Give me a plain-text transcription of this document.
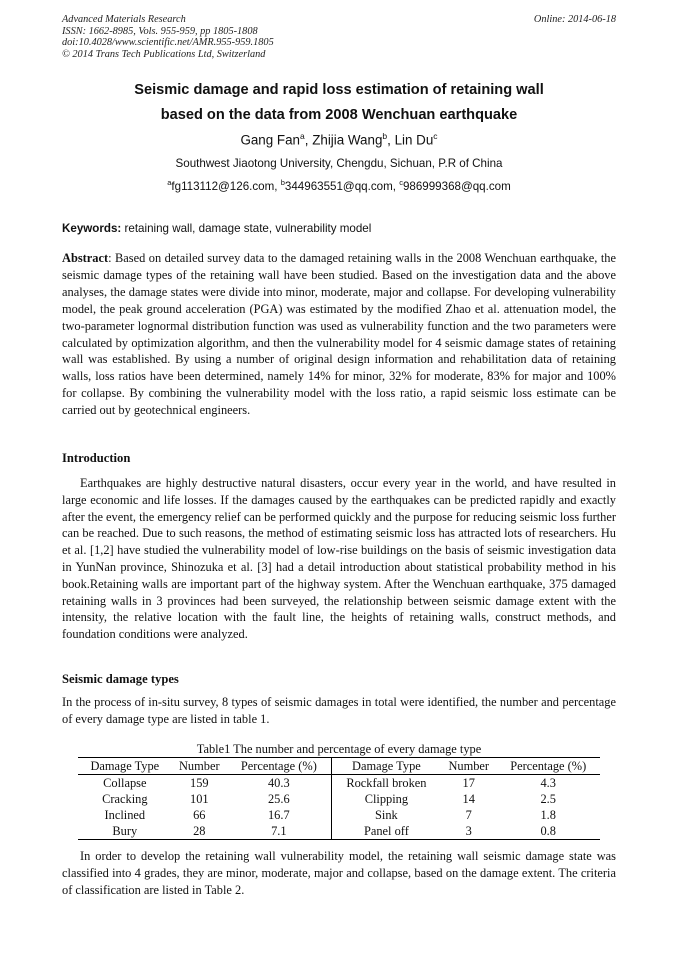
Advanced Materials Research
ISSN: 1662-8985, Vols. 955-959, pp 1805-1808
doi:10.4028/www.scientific.net/AMR.955-959.1805
© 2014 Trans Tech Publications Ltd, Switzerland
Online: 2014-06-18
Seismic damage and rapid loss estimation of retaining wall
based on the data from 2008 Wenchuan earthquake
Gang Fan$^a$, Zhijia Wang$^b$, Lin Du$^c$
Southwest Jiaotong University, Chengdu, Sichuan, P.R of China
$^a$fg113112@126.com, $^b$344963551@qq.com, $^c$986999368@qq.com
Keywords: retaining wall, damage state, vulnerability model
Abstract: Based on detailed survey data to the damaged retaining walls in the 2008 Wenchuan earthquake, the seismic damage types of the retaining wall have been studied. Based on the investigation data and the above analyses, the damage states were divide into minor, moderate, major and collapse. For developing vulnerability model, the peak ground acceleration (PGA) was estimated by the modified Zhao et al. attenuation model, the two-parameter lognormal distribution function was used as vulnerability function and the two parameters were calculated by optimization algorithm, and then the vulnerability model for 4 seismic damage states of retaining wall was established. By using a number of original design information and rehabilitation data of retaining walls, loss ratios have been determined, namely 14% for minor, 32% for moderate, 83% for major and 100% for collapse. By combining the vulnerability model with the loss ratio, a rapid seismic loss estimate can be carried out by geotechnical engineers.
Introduction
Earthquakes are highly destructive natural disasters, occur every year in the world, and have resulted in large economic and life losses. If the damages caused by the earthquakes can be predicted rapidly and exactly after the event, the emergency relief can be performed quickly and the purpose for reducing seismic loss further can be reached. Due to such reasons, the method of estimating seismic loss has attracted lots of researchers. Hu et al. [1,2] have studied the vulnerability model of low-rise buildings on the basis of seismic investigation data in YunNan province, Shinozuka et al. [3] had a detail introduction about statistical probability method in his book.Retaining walls are important part of the highway system. After the Wenchuan earthquake, 375 damaged retaining walls in 3 provinces had been surveyed, the relationship between seismic damage extent with the intensity, the relative location with the fault line, the heights of retaining walls, construct methods, and foundation conditions were analyzed.
Seismic damage types
In the process of in-situ survey, 8 types of seismic damages in total were identified, the number and percentage of every damage type are listed in table 1.
Table1 The number and percentage of every damage type
Damage Type	Number	Percentage (%)	Damage Type	Number	Percentage (%)
Collapse	159	40.3	Rockfall broken	17	4.3
Cracking	101	25.6	Clipping	14	2.5
Inclined	66	16.7	Sink	7	1.8
Bury	28	7.1	Panel off	3	0.8
In order to develop the retaining wall vulnerability model, the retaining wall seismic damage state was classified into 4 grades, they are minor, moderate, major and collapse, based on the damage extent. The criteria of classification are listed in Table 2.
